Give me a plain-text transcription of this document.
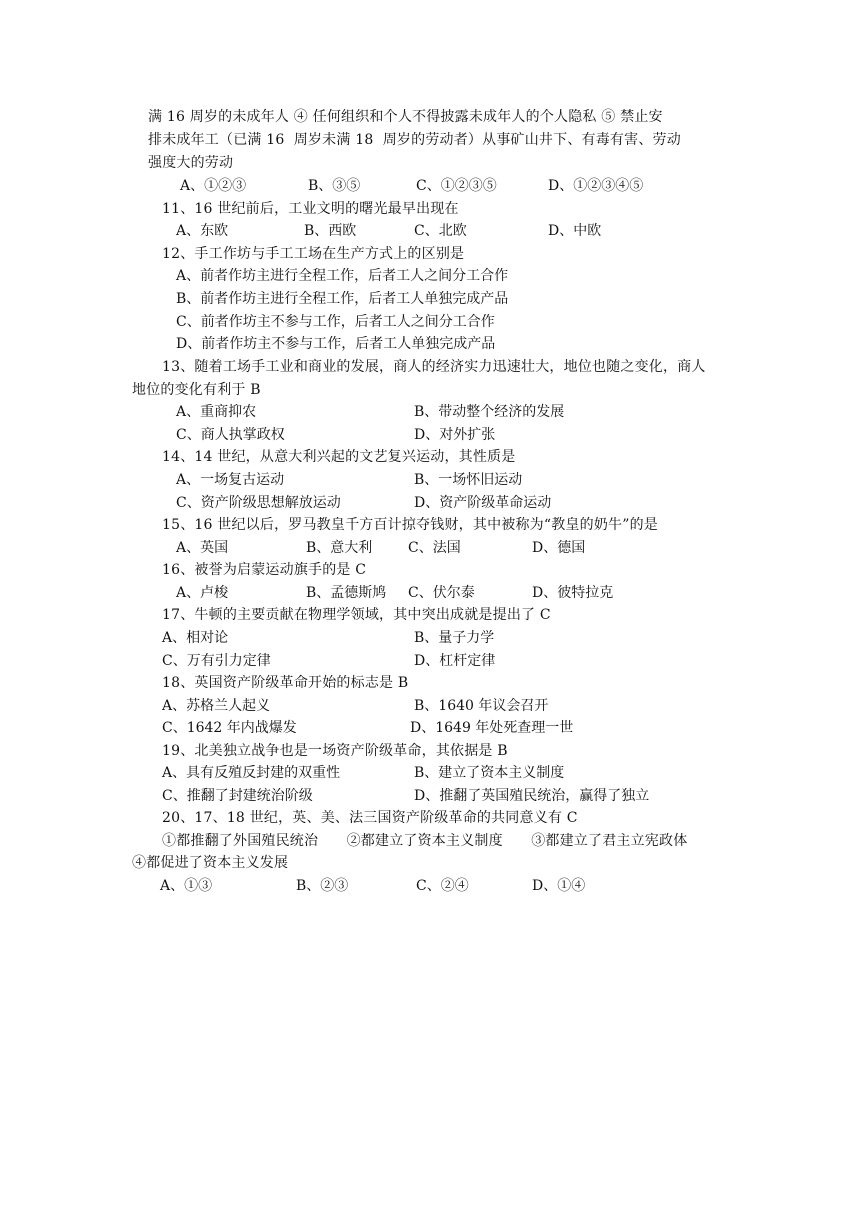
满 16 周岁的未成年人 ④ 任何组织和个人不得披露未成年人的个人隐私 ⑤ 禁止安
排未成年工（已满 16  周岁未满 18  周岁的劳动者）从事矿山井下、有毒有害、劳动
强度大的劳动
A、①②③	B、③⑤	C、①②③⑤	D、①②③④⑤
11、16 世纪前后，工业文明的曙光最早出现在
A、东欧	B、西欧	C、北欧	D、中欧
12、手工作坊与手工工场在生产方式上的区别是
A、前者作坊主进行全程工作，后者工人之间分工合作
B、前者作坊主进行全程工作，后者工人单独完成产品
C、前者作坊主不参与工作，后者工人之间分工合作
D、前者作坊主不参与工作，后者工人单独完成产品
13、随着工场手工业和商业的发展，商人的经济实力迅速壮大，地位也随之变化，商人
地位的变化有利于 B
A、重商抑农	B、带动整个经济的发展
C、商人执掌政权	D、对外扩张
14、14 世纪，从意大利兴起的文艺复兴运动，其性质是
A、一场复古运动	B、一场怀旧运动
C、资产阶级思想解放运动	D、资产阶级革命运动
15、16 世纪以后，罗马教皇千方百计掠夺钱财，其中被称为“教皇的奶牛”的是
A、英国	B、意大利	C、法国	D、德国
16、被誉为启蒙运动旗手的是 C
A、卢梭	B、孟德斯鸠 C、伏尔泰	D、彼特拉克
17、牛顿的主要贡献在物理学领域，其中突出成就是提出了 C
A、相对论	B、量子力学
C、万有引力定律	D、杠杆定律
18、英国资产阶级革命开始的标志是 B
A、苏格兰人起义	B、1640 年议会召开
C、1642 年内战爆发	D、1649 年处死查理一世
19、北美独立战争也是一场资产阶级革命，其依据是 B
A、具有反殖反封建的双重性	B、建立了资本主义制度
C、推翻了封建统治阶级	D、推翻了英国殖民统治，赢得了独立
20、17、18 世纪，英、美、法三国资产阶级革命的共同意义有 C
①都推翻了外国殖民统治　　②都建立了资本主义制度　　③都建立了君主立宪政体
④都促进了资本主义发展
A、①③	B、②③	C、②④	D、①④
